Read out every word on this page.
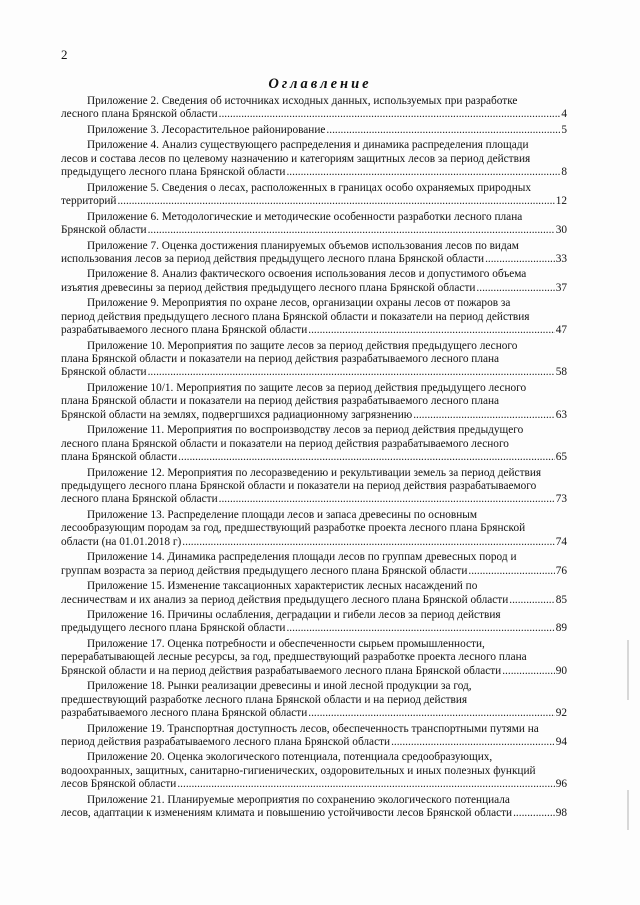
2
Оглавление
Приложение 2. Сведения об источниках исходных данных, используемых при разработке
лесного плана Брянской области .....	4
Приложение 3. Лесорастительное районирование .....	5
Приложение 4. Анализ существующего распределения и динамика распределения площади
лесов и состава лесов по целевому назначению и категориям защитных лесов за период действия
предыдущего лесного плана Брянской области .....	8
Приложение 5. Сведения о лесах, расположенных в границах особо охраняемых природных
территорий .....	12
Приложение 6. Методологические и методические особенности разработки лесного плана
Брянской области .....	30
Приложение 7. Оценка достижения планируемых объемов использования лесов по видам
использования лесов за период действия предыдущего лесного плана Брянской области .....	33
Приложение 8. Анализ фактического освоения использования лесов и допустимого объема
изъятия древесины за период действия предыдущего лесного плана Брянской области .....	37
Приложение 9. Мероприятия по охране лесов, организации охраны лесов от пожаров за
период действия предыдущего лесного плана Брянской области и показатели на период действия
разрабатываемого лесного плана Брянской области .....	47
Приложение 10. Мероприятия по защите лесов за период действия предыдущего лесного
плана Брянской области и показатели на период действия разрабатываемого лесного плана
Брянской области .....	58
Приложение 10/1. Мероприятия по защите лесов за период действия предыдущего лесного
плана Брянской области и показатели на период действия разрабатываемого лесного плана
Брянской области на землях, подвергшихся радиационному загрязнению .....	63
Приложение 11. Мероприятия по воспроизводству лесов за период действия предыдущего
лесного плана Брянской области и показатели на период действия разрабатываемого лесного
плана Брянской области .....	65
Приложение 12. Мероприятия по лесоразведению и рекультивации земель за период действия
предыдущего лесного плана Брянской области и показатели на период действия разрабатываемого
лесного плана Брянской области .....	73
Приложение 13. Распределение площади лесов и запаса древесины по основным
лесообразующим породам за год, предшествующий разработке проекта лесного плана Брянской
области (на 01.01.2018 г) .....	74
Приложение 14. Динамика распределения площади лесов по группам древесных пород и
группам возраста за период действия предыдущего лесного плана Брянской области .....	76
Приложение 15. Изменение таксационных характеристик лесных насаждений по
лесничествам и их анализ за период действия предыдущего лесного плана Брянской области .....	85
Приложение 16. Причины ослабления, деградации и гибели лесов за период действия
предыдущего лесного плана Брянской области .....	89
Приложение 17. Оценка потребности и обеспеченности сырьем промышленности,
перерабатывающей лесные ресурсы, за год, предшествующий разработке проекта лесного плана
Брянской области и на период действия разрабатываемого лесного плана Брянской области .....	90
Приложение 18. Рынки реализации древесины и иной лесной продукции за год,
предшествующий разработке лесного плана Брянской области и на период действия
разрабатываемого лесного плана Брянской области .....	92
Приложение 19. Транспортная доступность лесов, обеспеченность транспортными путями на
период действия разрабатываемого лесного плана Брянской области .....	94
Приложение 20. Оценка экологического потенциала, потенциала средообразующих,
водоохранных, защитных, санитарно-гигиенических, оздоровительных и иных полезных функций
лесов Брянской области .....	96
Приложение 21. Планируемые мероприятия по сохранению экологического потенциала
лесов, адаптации к изменениям климата и повышению устойчивости лесов Брянской области .....	98
